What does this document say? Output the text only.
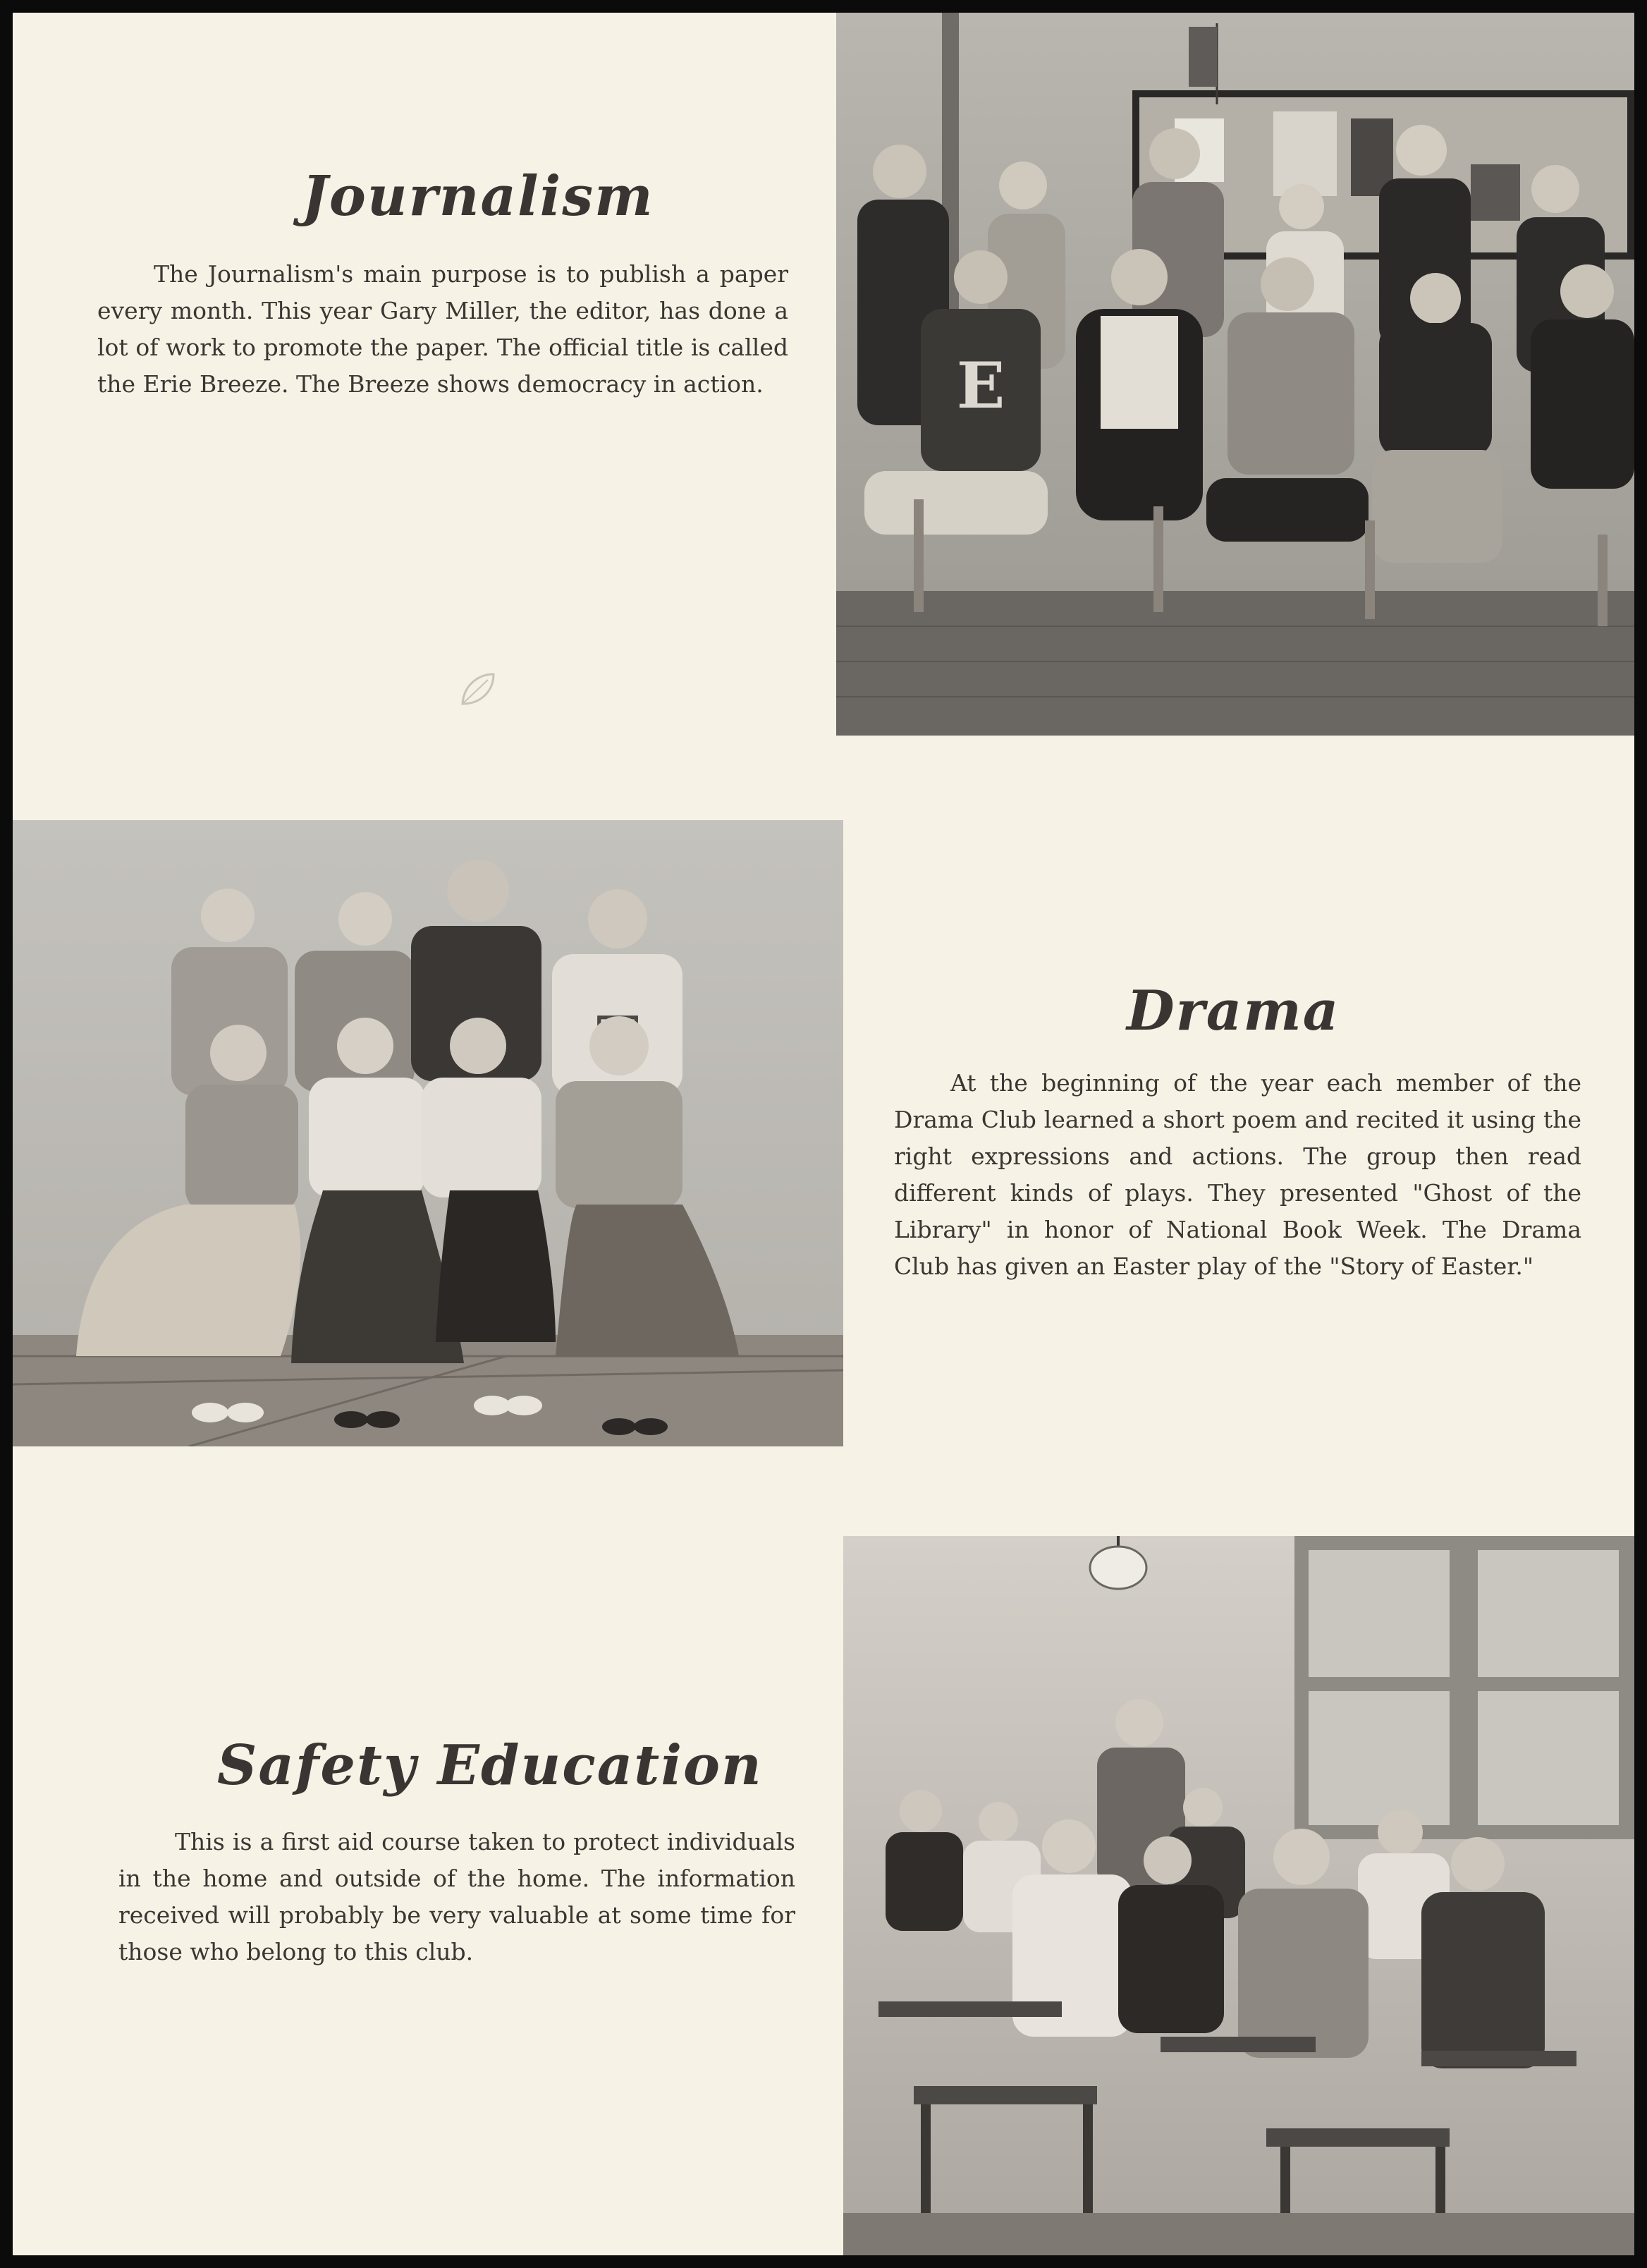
Journalism

The Journalism's main purpose is to publish a paper every month. This year Gary Miller, the editor, has done a lot of work to promote the paper. The official title is called the Erie Breeze. The Breeze shows democracy in action.	E
Drama

At the beginning of the year each member of the Drama Club learned a short poem and recited it using the right expressions and actions. The group then read different kinds of plays. They presented "Ghost of the Library" in honor of National Book Week. The Drama Club has given an Easter play of the "Story of Easter."

Safety Education

This is a first aid course taken to protect individuals in the home and outside of the home. The information received will probably be very valuable at some time for those who belong to this club.
